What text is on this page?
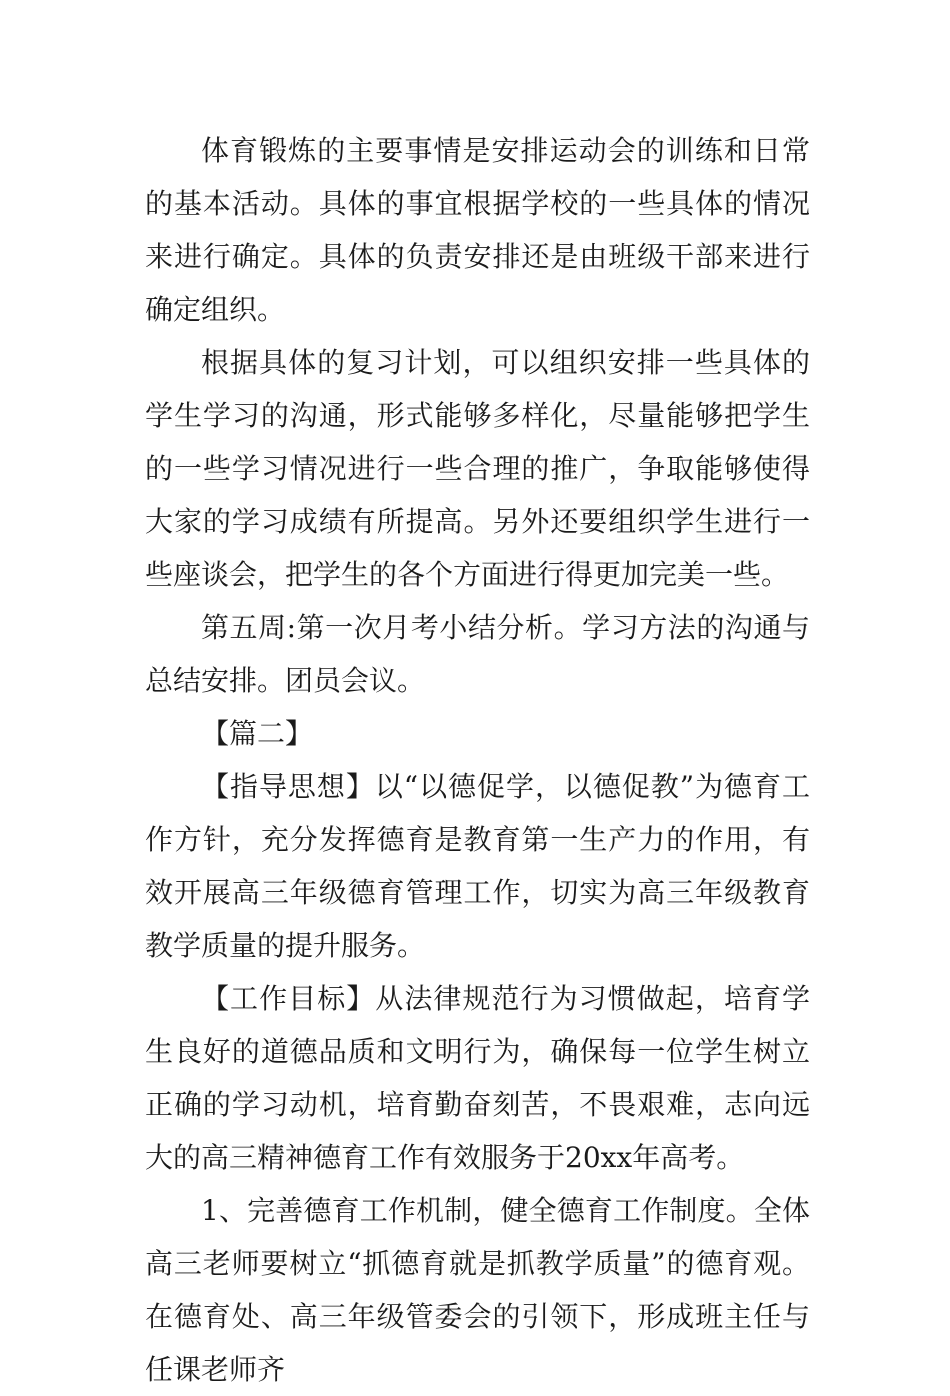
体育锻炼的主要事情是安排运动会的训练和日常的基本活动。具体的事宜根据学校的一些具体的情况来进行确定。具体的负责安排还是由班级干部来进行确定组织。

根据具体的复习计划，可以组织安排一些具体的学生学习的沟通，形式能够多样化，尽量能够把学生的一些学习情况进行一些合理的推广，争取能够使得大家的学习成绩有所提高。另外还要组织学生进行一些座谈会，把学生的各个方面进行得更加完美一些。

第五周:第一次月考小结分析。学习方法的沟通与总结安排。团员会议。

【篇二】

【指导思想】以“以德促学，以德促教”为德育工作方针，充分发挥德育是教育第一生产力的作用，有效开展高三年级德育管理工作，切实为高三年级教育教学质量的提升服务。

【工作目标】从法律规范行为习惯做起，培育学生良好的道德品质和文明行为，确保每一位学生树立正确的学习动机，培育勤奋刻苦，不畏艰难，志向远大的高三精神德育工作有效服务于20xx年高考。

1、完善德育工作机制，健全德育工作制度。全体高三老师要树立“抓德育就是抓教学质量”的德育观。在德育处、高三年级管委会的引领下，形成班主任与任课老师齐
